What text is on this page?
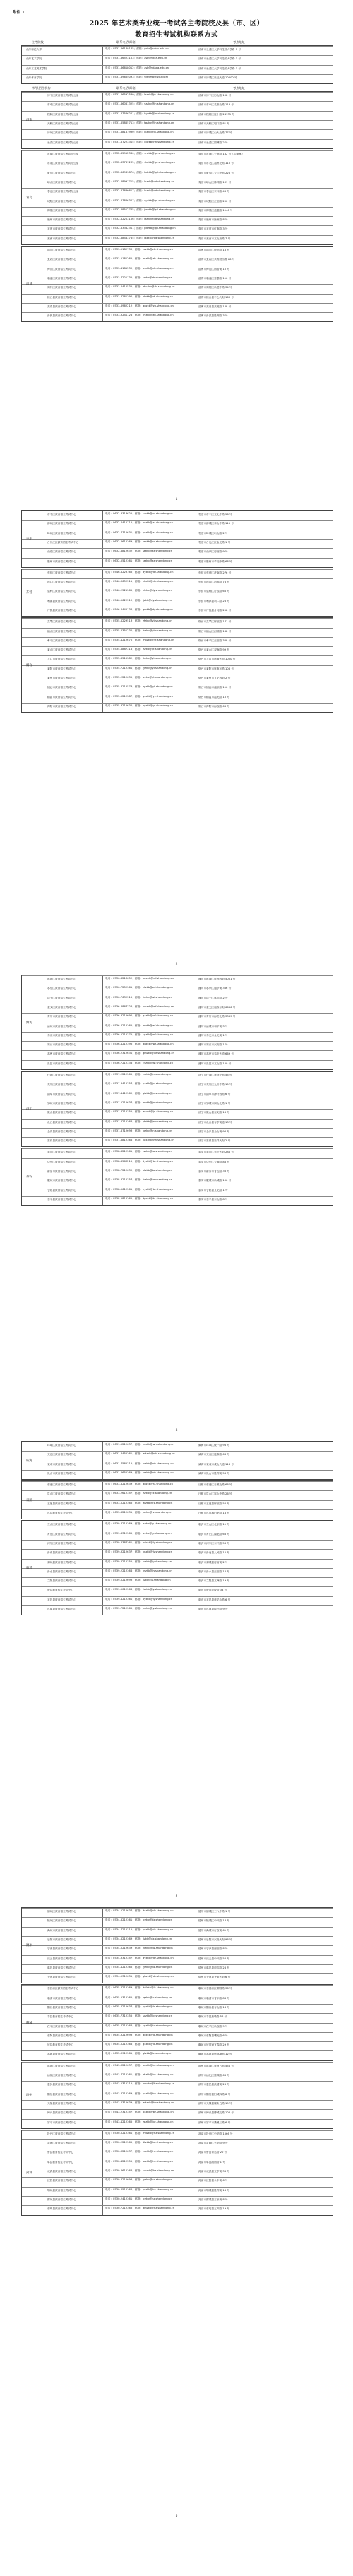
附件 1
2025 年艺术类专业统一考试各主考院校及县（市、区）
教育招生考试机构联系方式
主考院校	联系电话/邮箱	考点地址
山东师范大学	电话：0531-86180165；邮箱：ysks@sdnu.edu.cn	济南市长清区大学科技园大学路 1 号
山东艺术学院	电话：0531-86523103；邮箱：zsb@sdca.edu.cn	济南市长清区大学科技园大学路 1 号
山东工艺美术学院	电话：0531-86618012；邮箱：zsb@sdada.edu.cn	济南市长清区大学科技园大学路 1 号
山东体育学院	电话：0531-89655093；邮箱：sdtyzsb@163.com	济南市历城区世纪大道 10600 号
市/县招生机构	联系电话/邮箱	考点地址
历下区教育招生考试办公室	电话：0531-86592530；邮箱：lxzsb@jn.shandong.cn	济南市历下区历山路 108 号
市中区教育招生考试办公室	电话：0531-86061325；邮箱：szzkb@jn.shandong.cn	济南市市中区英雄山路 113 号
槐荫区教育招生考试办公室	电话：0531-87586201；邮箱：hyzkb@jn.shandong.cn	济南市槐荫区经十路 24135 号
天桥区教育招生考试办公室	电话：0531-85865713；邮箱：tqzkb@jn.shandong.cn	济南市天桥区堤口路 81 号
历城区教育招生考试办公室	电话：0531-88161930；邮箱：lczkb@jn.shandong.cn	济南市历城区山大北路 77 号
长清区教育招生考试办公室	电话：0531-87223315；邮箱：cqzkb@jn.shandong.cn	济南市长清区园博路 2 号
济南
市南区教育招生考试办公室	电话：0532-85912360；邮箱：snzkb@qd.shandong.cn	青岛市市南区宁夏路 162 号（沿街楼）
市北区教育招生考试办公室	电话：0532-83761235；邮箱：sbzkb@qd.shandong.cn	青岛市市北区福州北路 115 号
黄岛区教育招生考试中心	电话：0532-86989876；邮箱：hdzkb@qd.shandong.cn	青岛市黄岛区长江中路 226 号
崂山区教育招生考试中心	电话：0532-88997715；邮箱：lszkb@qd.shandong.cn	青岛市崂山区株洲路 131 号
李沧区教育招生考试办公室	电话：0532-87636617；邮箱：lczkb@qd.shandong.cn	青岛市李沧区京口路 46 号
城阳区教育招生考试中心	电话：0532-87866307；邮箱：cyzkb@qd.shandong.cn	青岛市城阳区正阳路 200 号
即墨区教育招生考试中心	电话：0532-88512765；邮箱：jmzkb@qd.shandong.cn	青岛市即墨区蓝鳌路 1146 号
胶州市教育招生考试中心	电话：0532-82203106；邮箱：jzzkb@qd.shandong.cn	青岛市胶州市扬州路 8 号
平度市教育招生考试中心	电话：0532-83362311；邮箱：pdzkb@qd.shandong.cn	青岛市平度市红旗路 3 号
莱西市教育招生考试中心	电话：0532-88483765；邮箱：lxzkb@qd.shandong.cn	青岛市莱西市文化西路 7 号
青岛
淄川区教育招生考试中心	电话：0533-5182730；邮箱：zczkb@zb.shandong.cn	淄博市淄川区般阳路 16 号
张店区教育招生考试中心	电话：0533-2181262；邮箱：zdzkb@zb.shandong.cn	淄博市张店区共青团西路 68 号
博山区教育招生考试中心	电话：0533-4181539；邮箱：bszkb@zb.shandong.cn	淄博市博山区西冶街 15 号
临淄区教育招生考试中心	电话：0533-7221735；邮箱：lzzkb@zb.shandong.cn	淄博市临淄区晏婴路 116 号
周村区教育招生考试中心	电话：0533-6412532；邮箱：zhczkb@zb.shandong.cn	淄博市周村区新建中路 34 号
桓台县教育招生考试中心	电话：0533-8261390；邮箱：htzkb@zb.shandong.cn	淄博市桓台县中心大街 163 号
高青县教育招生考试中心	电话：0533-6962212；邮箱：gqzkb@zb.shandong.cn	淄博市高青县高苑路 168 号
沂源县教育招生考试中心	电话：0533-3241126；邮箱：yyzkb@zb.shandong.cn	淄博市沂源县胜利路 3 号
淄博
1
市中区教育招生考试中心	电话：0632-3313622；邮箱：szzkb@zz.shandong.cn	枣庄市市中区文化中路 56 号
薛城区教育招生考试中心	电话：0632-4412715；邮箱：xczkb@zz.shandong.cn	枣庄市薛城区泰山中路 115 号
峄城区教育招生考试中心	电话：0632-7712631；邮箱：yczkb@zz.shandong.cn	枣庄市峄城区坛山路 2 号
台儿庄区教育招生考试中心	电话：0632-6612369；邮箱：tezkb@zz.shandong.cn	枣庄市台儿庄区金光路 1 号
山亭区教育招生考试中心	电话：0632-8812632；邮箱：stzkb@zz.shandong.cn	枣庄市山亭区府前路 9 号
滕州市教育招生考试中心	电话：0632-5512361；邮箱：tzzkb@zz.shandong.cn	枣庄市滕州市学院中路 68 号
枣庄
东营区教育招生考试中心	电话：0546-8223165；邮箱：dyzkb@dy.shandong.cn	东营市东营区济南路 276 号
河口区教育招生考试中心	电话：0546-3652311；邮箱：hkzkb@dy.shandong.cn	东营市河口区河滨路 78 号
垦利区教育招生考试中心	电话：0546-2521365；邮箱：klzkb@dy.shandong.cn	东营市垦利区行政路 66 号
利津县教育招生考试中心	电话：0546-5622319；邮箱：ljzkb@dy.shandong.cn	东营市利津县利二路 28 号
广饶县教育招生考试中心	电话：0546-6442136；邮箱：grzkb@dy.shandong.cn	东营市广饶县月河路 258 号
东营
芝罘区教育招生考试中心	电话：0535-6229513；邮箱：zfzkb@yt.shandong.cn	烟台市芝罘区解放路 171 号
福山区教育招生考试中心	电话：0535-6351230；邮箱：fszkb@yt.shandong.cn	烟台市福山区河滨路 168 号
牟平区教育招生考试中心	电话：0535-4212670；邮箱：mpzkb@yt.shandong.cn	烟台市牟平区正阳路 368 号
莱山区教育招生考试中心	电话：0535-6887318；邮箱：lszkb@yt.shandong.cn	烟台市莱山区观海路 99 号
龙口市教育招生考试中心	电话：0535-8515382；邮箱：lkzkb@yt.shandong.cn	烟台市龙口市港城大道 1000 号
莱阳市教育招生考试中心	电话：0535-7212361；邮箱：lyzkb@yt.shandong.cn	烟台市莱阳市旌旗东路 108 号
莱州市教育招生考试中心	电话：0535-2212635；邮箱：lzzkb@yt.shandong.cn	烟台市莱州市文化西街 2 号
招远市教育招生考试中心	电话：0535-8212573；邮箱：zyzkb@yt.shandong.cn	烟台市招远市温泉路 116 号
栖霞市教育招生考试中心	电话：0535-5212387；邮箱：qxzkb@yt.shandong.cn	烟台市栖霞市霞光路 15 号
海阳市教育招生考试中心	电话：0535-3212630；邮箱：hyzkb@yt.shandong.cn	烟台市海阳市海政路 66 号
烟台
2
潍城区教育招生考试中心	电话：0536-8213652；邮箱：wczkb@wf.shandong.cn	潍坊市潍城区胜利西街 5051 号
寒亭区教育招生考试中心	电话：0536-7252361；邮箱：htzkb@wf.shandong.cn	潍坊市寒亭区通亭街 366 号
坊子区教育招生考试中心	电话：0536-7632315；邮箱：fzzkb@wf.shandong.cn	潍坊市坊子区凤山路 2 号
奎文区教育招生考试中心	电话：0536-8867326；邮箱：kwzkb@wf.shandong.cn	潍坊市奎文区福寿东街 6666 号
青州市教育招生考试中心	电话：0536-3212690；邮箱：qzzkb@wf.shandong.cn	潍坊市青州市海岱北路 3369 号
诸城市教育招生考试中心	电话：0536-6212365；邮箱：zczkb@wf.shandong.cn	潍坊市诸城市和平街 3 号
寿光市教育招生考试中心	电话：0536-5212375；邮箱：sgzkb@wf.shandong.cn	潍坊市寿光市金光街 1 号
安丘市教育招生考试中心	电话：0536-4212395；邮箱：aqzkb@wf.shandong.cn	潍坊市安丘市兴安路 1 号
高密市教育招生考试中心	电话：0536-2312631；邮箱：gmzkb@wf.shandong.cn	潍坊市高密市夷安大道 669 号
昌邑市教育招生考试中心	电话：0536-7212336；邮箱：cyzkb@wf.shandong.cn	潍坊市昌邑市文山路 100 号
潍坊
任城区教育招生考试中心	电话：0537-2212365；邮箱：rczkb@jn.shandong.cn	济宁市任城区建设北路 55 号
兖州区教育招生考试中心	电话：0537-3412357；邮箱：yzzkb@jn.shandong.cn	济宁市兖州区九州中路 15 号
曲阜市教育招生考试中心	电话：0537-4412369；邮箱：qfzkb@jn.shandong.cn	济宁市曲阜市静轩西路 6 号
邹城市教育招生考试中心	电话：0537-5212637；邮箱：zczkb@jn.shandong.cn	济宁市邹城市岗山北路 1 号
微山县教育招生考试中心	电话：0537-8212355；邮箱：wszkb@jn.shandong.cn	济宁市微山县奎文路 16 号
鱼台县教育招生考试中心	电话：0537-6212368；邮箱：ytzkb@jn.shandong.cn	济宁市鱼台县谷亭街道 13 号
金乡县教育招生考试中心	电话：0537-8712693；邮箱：jxzkb@jn.shandong.cn	济宁市金乡县金山街 98 号
嘉祥县教育招生考试中心	电话：0537-6812366；邮箱：jiaxzkb@jn.shandong.cn	济宁市嘉祥县呈祥大街 2 号
济宁
泰山区教育招生考试中心	电话：0538-8212361；邮箱：tszkb@ta.shandong.cn	泰安市泰山区东岳大街 286 号
岱岳区教育招生考试中心	电话：0538-8563215；邮箱：dyzkb@ta.shandong.cn	泰安市岱岳区长城路 88 号
新泰市教育招生考试中心	电话：0538-7212639；邮箱：xtzkb@ta.shandong.cn	泰安市新泰市青云路 36 号
肥城市教育招生考试中心	电话：0538-3212357；邮箱：fczkb@ta.shandong.cn	泰安市肥城市新城路 106 号
宁阳县教育招生考试中心	电话：0538-5612361；邮箱：nyzkb@ta.shandong.cn	泰安市宁阳县文化路 1 号
东平县教育招生考试中心	电话：0538-2812365；邮箱：dpzkb@ta.shandong.cn	泰安市东平县东山路 8 号
泰安
3
环翠区教育招生考试中心	电话：0631-5212637；邮箱：hczkb@wh.shandong.cn	威海市环翠区统一路 98 号
文登区教育招生考试中心	电话：0631-8452361；邮箱：wdzkb@wh.shandong.cn	威海市文登区昆嵛路 68 号
荣成市教育招生考试中心	电话：0631-7562315；邮箱：rczkb@wh.shandong.cn	威海市荣成市成山大道 118 号
乳山市教育招生考试中心	电话：0631-6652369；邮箱：rszkb@wh.shandong.cn	威海市乳山市胜利街 56 号
威海
东港区教育招生考试中心	电话：0633-8212639；邮箱：dgzkb@rz.shandong.cn	日照市东港区日照北路 66 号
岚山区教育招生考试中心	电话：0633-2612357；邮箱：lszkb@rz.shandong.cn	日照市岚山区岚山中路 26 号
五莲县教育招生考试中心	电话：0633-5212365；邮箱：wlzkb@rz.shandong.cn	日照市五莲县解放路 56 号
莒县教育招生考试中心	电话：0633-6212631；邮箱：jxzkb@rz.shandong.cn	日照市莒县城阳北路 18 号
日照
兰山区教育招生考试中心	电话：0539-8212369；邮箱：lszkb@ly.shandong.cn	临沂市兰山区北京路 11 号
罗庄区教育招生考试中心	电话：0539-8312365；邮箱：lzzkb@ly.shandong.cn	临沂市罗庄区湖北路 68 号
河东区教育招生考试中心	电话：0539-8387361；邮箱：hdzkb@ly.shandong.cn	临沂市河东区东兴路 56 号
沂南县教育招生考试中心	电话：0539-3212637；邮箱：ynzkb@ly.shandong.cn	临沂市沂南县人民路 10 号
郯城县教育招生考试中心	电话：0539-6212355；邮箱：tczkb@ly.shandong.cn	临沂市郯城县府前街 2 号
沂水县教育招生考试中心	电话：0539-2212368；邮箱：yszkb@ly.shandong.cn	临沂市沂水县正阳路 16 号
兰陵县教育招生考试中心	电话：0539-5212693；邮箱：llzkb@ly.shandong.cn	临沂市兰陵县文峰路 19 号
费县教育招生考试中心	电话：0539-5012366；邮箱：fxzkb@ly.shandong.cn	临沂市费县建设路 38 号
平邑县教育招生考试中心	电话：0539-4212361；邮箱：pyzkb@ly.shandong.cn	临沂市平邑县莲花山路 6 号
莒南县教育招生考试中心	电话：0539-7212365；邮箱：jnzkb@ly.shandong.cn	临沂市莒南县振兴路 9 号
临沂
4
德城区教育招生考试中心	电话：0534-2212637；邮箱：dczkb@dz.shandong.cn	德州市德城区三八中路 1 号
陵城区教育招生考试中心	电话：0534-8212361；邮箱：lczkb@dz.shandong.cn	德州市陵城区中兴路 18 号
禹城市教育招生考试中心	电话：0534-7212315；邮箱：yczkb@dz.shandong.cn	德州市禹城市行政街 61 号
乐陵市教育招生考试中心	电话：0534-6212369；邮箱：llzkb@dz.shandong.cn	德州市乐陵市兴隆大街 96 号
宁津县教育招生考试中心	电话：0534-5212639；邮箱：njzkb@dz.shandong.cn	德州市宁津县阁阳路 8 号
庆云县教育招生考试中心	电话：0534-3312357；邮箱：qyzkb@dz.shandong.cn	德州市庆云县中兴路 56 号
临邑县教育招生考试中心	电话：0534-4212365；邮箱：lyzkb@dz.shandong.cn	德州市临邑县迎宾路 28 号
齐河县教育招生考试中心	电话：0534-5312631；邮箱：qhzkb@dz.shandong.cn	德州市齐河县齐晏大街 6 号
德州
东昌府区教育招生考试中心	电话：0635-8212369；邮箱：dcfzkb@lc.shandong.cn	聊城市东昌府区柳园路 36 号
临清市教育招生考试中心	电话：0635-2312365；邮箱：lqzkb@lc.shandong.cn	聊城市临清市青年路 88 号
阳谷县教育招生考试中心	电话：0635-6212637；邮箱：ygzkb@lc.shandong.cn	聊城市阳谷县谷山路 18 号
莘县教育招生考试中心	电话：0635-7312355；邮箱：sxzkb@lc.shandong.cn	聊城市莘县燕塔路 56 号
茌平区教育招生考试中心	电话：0635-4212368；邮箱：cpzkb@lc.shandong.cn	聊城市茌平区新政路 9 号
东阿县教育招生考试中心	电话：0635-3212693；邮箱：dezkb@lc.shandong.cn	聊城市东阿县曙光路 6 号
冠县教育招生考试中心	电话：0635-5212366；邮箱：gxzkb@lc.shandong.cn	聊城市冠县冠宜春路 29 号
高唐县教育招生考试中心	电话：0635-3912361；邮箱：gtzkb@lc.shandong.cn	聊城市高唐县鱼邱湖路 12 号
聊城
滨城区教育招生考试中心	电话：0543-3212637；邮箱：bczkb@bz.shandong.cn	滨州市滨城区黄河五路 556 号
沾化区教育招生考试中心	电话：0543-7212361；邮箱：zhzkb@bz.shandong.cn	滨州市沾化区富源路 66 号
惠民县教育招生考试中心	电话：0543-5312315；邮箱：hmzkb@bz.shandong.cn	滨州市惠民县鼓楼街 26 号
阳信县教育招生考试中心	电话：0543-8212369；邮箱：yxzkb@bz.shandong.cn	滨州市阳信县阳城四路 8 号
无棣县教育招生考试中心	电话：0543-6312639；邮箱：wdzkb@bz.shandong.cn	滨州市无棣县棣新五路 19 号
博兴县教育招生考试中心	电话：0543-2312357；邮箱：bxzkb@bz.shandong.cn	滨州市博兴县博城五路 108 号
邹平市教育招生考试中心	电话：0543-4212365；邮箱：zpzkb@bz.shandong.cn	滨州市邹平市黛溪三路 6 号
滨州
牡丹区教育招生考试中心	电话：0530-5212361；邮箱：mdzkb@hz.shandong.cn	菏泽市牡丹区中华路 1566 号
定陶区教育招生考试中心	电话：0530-2212365；邮箱：dtzkb@hz.shandong.cn	菏泽市定陶区兴华路 9 号
曹县教育招生考试中心	电话：0530-3212637；邮箱：cxzkb@hz.shandong.cn	菏泽市曹县青岛路 20 号
单县教育招生考试中心	电话：0530-4212355；邮箱：sxzkb@hz.shandong.cn	菏泽市单县湖西路 1 号
成武县教育招生考试中心	电话：0530-8612368；邮箱：cwzkb@hz.shandong.cn	菏泽市成武县文亭街 36 号
巨野县教育招生考试中心	电话：0530-8212693；邮箱：jyzkb@hz.shandong.cn	菏泽市巨野县永丰街 6 号
郓城县教育招生考试中心	电话：0530-6512366；邮箱：yczkb@hz.shandong.cn	菏泽市郓城县胜利街 16 号
鄄城县教育招生考试中心	电话：0530-2412361；邮箱：jczkb@hz.shandong.cn	菏泽市鄄城县古泉街 8 号
东明县教育招生考试中心	电话：0530-7212365；邮箱：dmzkb@hz.shandong.cn	菏泽市东明县五四路 19 号
菏泽
5
